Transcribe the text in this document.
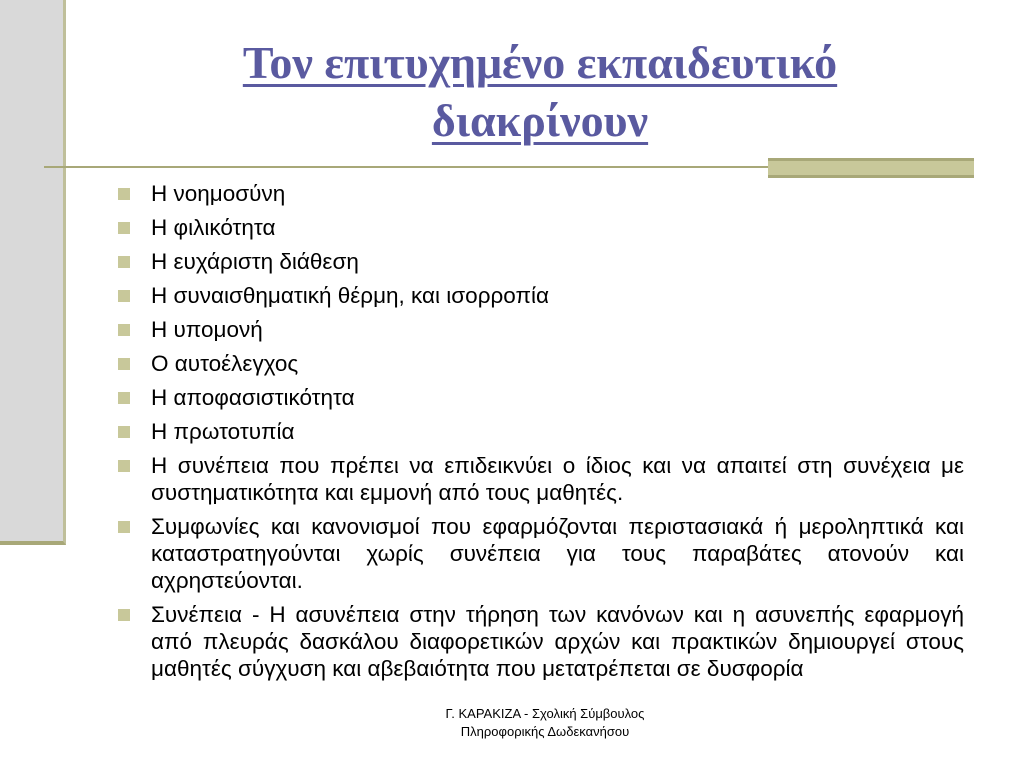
Τον επιτυχημένο εκπαιδευτικό
διακρίνουν
Η νοημοσύνη
Η φιλικότητα
Η ευχάριστη διάθεση
Η συναισθηματική θέρμη, και ισορροπία
Η υπομονή
Ο αυτοέλεγχος
Η αποφασιστικότητα
Η πρωτοτυπία
Η συνέπεια που πρέπει να επιδεικνύει ο ίδιος και να απαιτεί στη συνέχεια με συστηματικότητα και εμμονή από τους μαθητές.
Συμφωνίες και κανονισμοί που εφαρμόζονται περιστασιακά ή μεροληπτικά και καταστρατηγούνται χωρίς συνέπεια για τους παραβάτες ατονούν και αχρηστεύονται.
Συνέπεια - Η ασυνέπεια στην τήρηση των κανόνων και η ασυνεπής εφαρμογή από πλευράς δασκάλου διαφορετικών αρχών και πρακτικών δημιουργεί στους μαθητές σύγχυση και αβεβαιότητα που μετατρέπεται σε δυσφορία
Γ. ΚΑΡΑΚΙΖΑ - Σχολική Σύμβουλος
Πληροφορικής Δωδεκανήσου
